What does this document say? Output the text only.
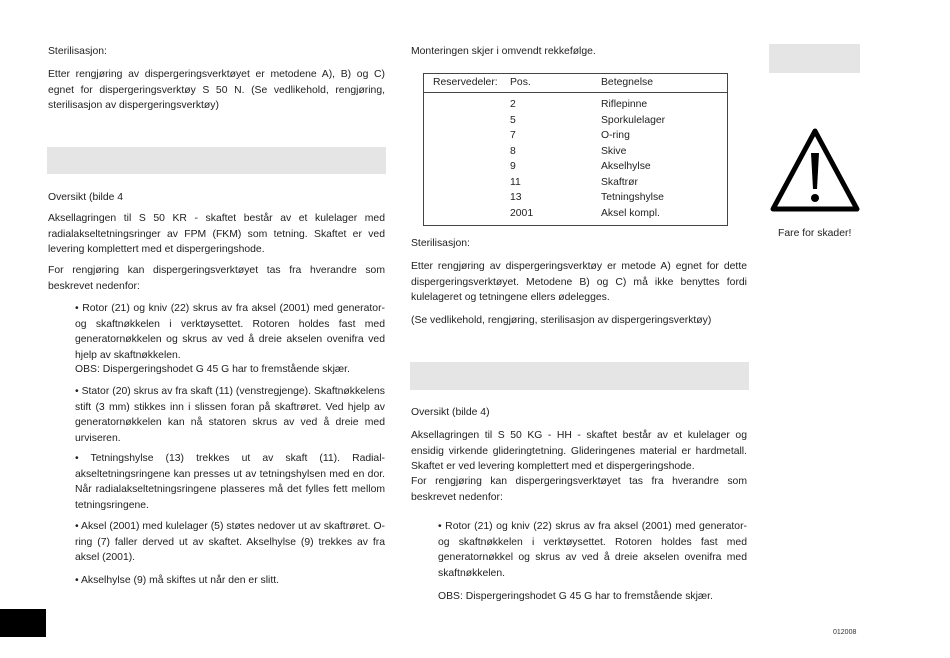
Sterilisasjon:
Etter rengjøring av dispergeringsverktøyet er metodene A), B) og C) egnet for dispergeringsverktøy S 50 N. (Se vedlikehold, rengjøring, sterilisasjon av dispergeringsverktøy)
Oversikt (bilde 4
Aksellagringen til S 50 KR - skaftet består av et kulelager med radialakseltetningsringer av FPM (FKM) som tetning. Skaftet er ved levering komplettert med et dispergeringshode.
For rengjøring kan dispergeringsverktøyet tas fra hverandre som beskrevet nedenfor:
• Rotor (21) og kniv (22) skrus av fra aksel (2001) med generator- og skaftnøkkelen i verktøysettet. Rotoren holdes fast med generatornøkkelen og skrus av ved å dreie akselen ovenifra ved hjelp av skaftnøkkelen.
OBS: Dispergeringshodet G 45 G har to fremstående skjær.
• Stator (20) skrus av fra skaft (11) (venstregjenge). Skaftnøkkelens stift (3 mm) stikkes inn i slissen foran på skaftrøret. Ved hjelp av generatornøkkelen kan nå statoren skrus av ved å dreie med urviseren.
• Tetningshylse (13) trekkes ut av skaft (11). Radial-akseltetningsringene kan presses ut av tetningshylsen med en dor. Når radialakseltetningsringene plasseres må det fylles fett mellom tetningsringene.
• Aksel (2001) med kulelager (5) støtes nedover ut av skaftrøret. O-ring (7) faller derved ut av skaftet. Akselhylse (9) trekkes av fra aksel (2001).
• Akselhylse (9) må skiftes ut når den er slitt.
Monteringen skjer i omvendt rekkefølge.
Reservedeler: Pos.	Betegnelse
2	Riflepinne
5	Sporkulelager
7	O-ring
8	Skive
9	Akselhylse
11	Skaftrør
13	Tetningshylse
2001	Aksel kompl.
Sterilisasjon:
Etter rengjøring av dispergeringsverktøy er metode A) egnet for dette dispergeringsverktøyet. Metodene B) og C) må ikke benyttes fordi kulelageret og tetningene ellers ødelegges.
(Se vedlikehold, rengjøring, sterilisasjon av dispergeringsverktøy)
Oversikt (bilde 4)
Aksellagringen til S 50 KG - HH - skaftet består av et kulelager og ensidig virkende glideringtetning. Glideringenes material er hardmetall. Skaftet er ved levering komplettert med et dispergeringshode.
For rengjøring kan dispergeringsverktøyet tas fra hverandre som beskrevet nedenfor:
• Rotor (21) og kniv (22) skrus av fra aksel (2001) med generator- og skaftnøkkelen i verktøysettet. Rotoren holdes fast med generatornøkkel og skrus av ved å dreie akselen ovenifra med skaftnøkkelen.
OBS: Dispergeringshodet G 45 G har to fremstående skjær.
Fare for skader!
012008
